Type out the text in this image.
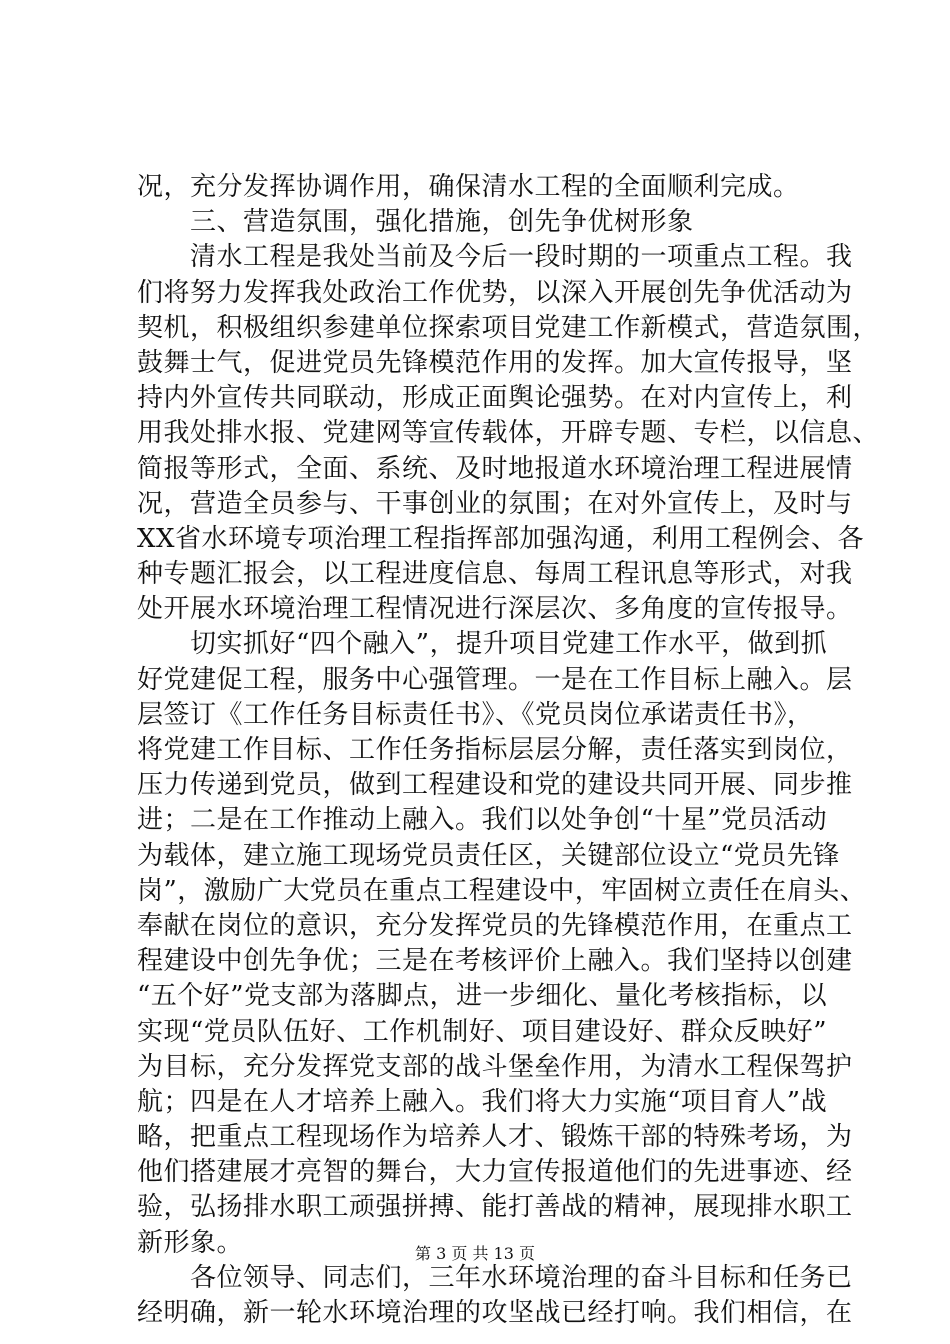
况，充分发挥协调作用，确保清水工程的全面顺利完成。
　　三、营造氛围，强化措施，创先争优树形象
　　清水工程是我处当前及今后一段时期的一项重点工程。我
们将努力发挥我处政治工作优势，以深入开展创先争优活动为
契机，积极组织参建单位探索项目党建工作新模式，营造氛围，
鼓舞士气，促进党员先锋模范作用的发挥。加大宣传报导，坚
持内外宣传共同联动，形成正面舆论强势。在对内宣传上，利
用我处排水报、党建网等宣传载体，开辟专题、专栏，以信息、
简报等形式，全面、系统、及时地报道水环境治理工程进展情
况，营造全员参与、干事创业的氛围；在对外宣传上，及时与
XX省水环境专项治理工程指挥部加强沟通，利用工程例会、各
种专题汇报会，以工程进度信息、每周工程讯息等形式，对我
处开展水环境治理工程情况进行深层次、多角度的宣传报导。
　　切实抓好“四个融入”，提升项目党建工作水平，做到抓
好党建促工程，服务中心强管理。一是在工作目标上融入。层
层签订《工作任务目标责任书》、《党员岗位承诺责任书》，
将党建工作目标、工作任务指标层层分解，责任落实到岗位，
压力传递到党员，做到工程建设和党的建设共同开展、同步推
进；二是在工作推动上融入。我们以处争创“十星”党员活动
为载体，建立施工现场党员责任区，关键部位设立“党员先锋
岗”，激励广大党员在重点工程建设中，牢固树立责任在肩头、
奉献在岗位的意识，充分发挥党员的先锋模范作用，在重点工
程建设中创先争优；三是在考核评价上融入。我们坚持以创建
“五个好”党支部为落脚点，进一步细化、量化考核指标，以
实现“党员队伍好、工作机制好、项目建设好、群众反映好”
为目标，充分发挥党支部的战斗堡垒作用，为清水工程保驾护
航；四是在人才培养上融入。我们将大力实施“项目育人”战
略，把重点工程现场作为培养人才、锻炼干部的特殊考场，为
他们搭建展才亮智的舞台，大力宣传报道他们的先进事迹、经
验，弘扬排水职工顽强拼搏、能打善战的精神，展现排水职工
新形象。
　　各位领导、同志们，三年水环境治理的奋斗目标和任务已
经明确，新一轮水环境治理的攻坚战已经打响。我们相信，在
第 3 页 共 13 页
